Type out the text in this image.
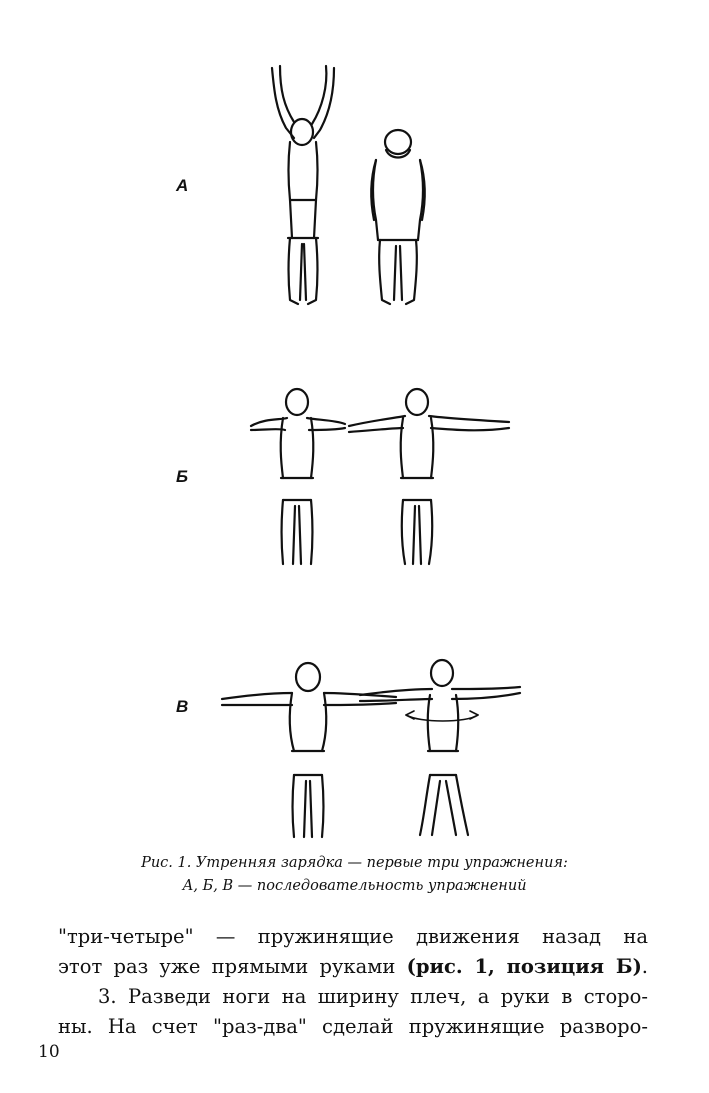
А
Б
В
Рис. 1. Утренняя зарядка — первые три упражнения:
А, Б, В — последовательность упражнений
"три-четыре" — пружинящие движения назад на
этот раз уже прямыми руками (рис. 1, позиция Б).
3. Разведи ноги на ширину плеч, а руки в сторо-
ны. На счет "раз-два" сделай пружинящие разворо-
10
